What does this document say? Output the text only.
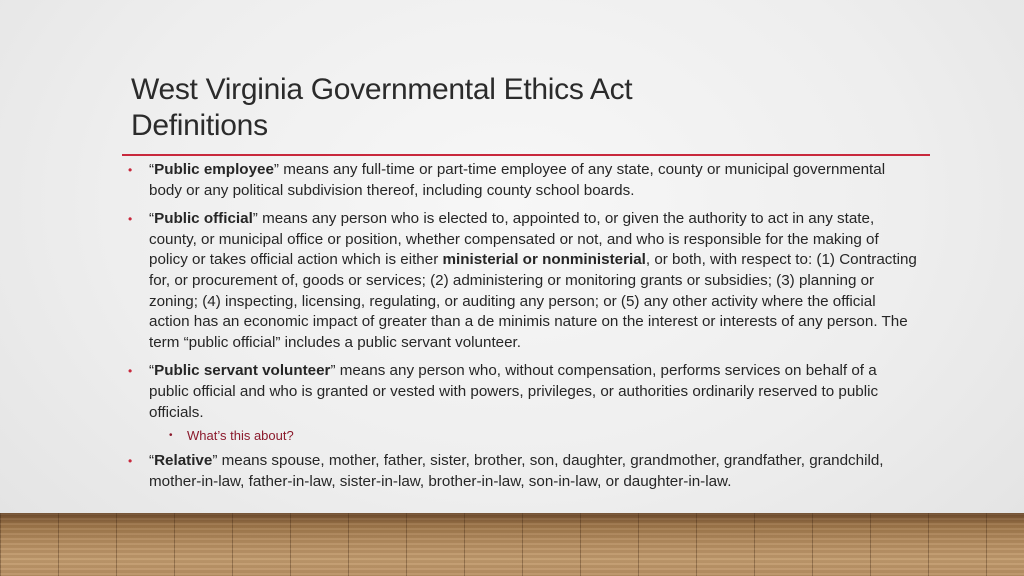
West Virginia Governmental Ethics Act
Definitions
• “Public employee” means any full-time or part-time employee of any state, county or municipal governmental body or any political subdivision thereof, including county school boards.
• “Public official” means any person who is elected to, appointed to, or given the authority to act in any state, county, or municipal office or position, whether compensated or not, and who is responsible for the making of policy or takes official action which is either ministerial or nonministerial, or both, with respect to: (1) Contracting for, or procurement of, goods or services; (2) administering or monitoring grants or subsidies; (3) planning or zoning; (4) inspecting, licensing, regulating, or auditing any person; or (5) any other activity where the official action has an economic impact of greater than a de minimis nature on the interest or interests of any person. The term “public official” includes a public servant volunteer.
• “Public servant volunteer” means any person who, without compensation, performs services on behalf of a public official and who is granted or vested with powers, privileges, or authorities ordinarily reserved to public officials.
• What’s this about?
• “Relative” means spouse, mother, father, sister, brother, son, daughter, grandmother, grandfather, grandchild, mother-in-law, father-in-law, sister-in-law, brother-in-law, son-in-law, or daughter-in-law.
